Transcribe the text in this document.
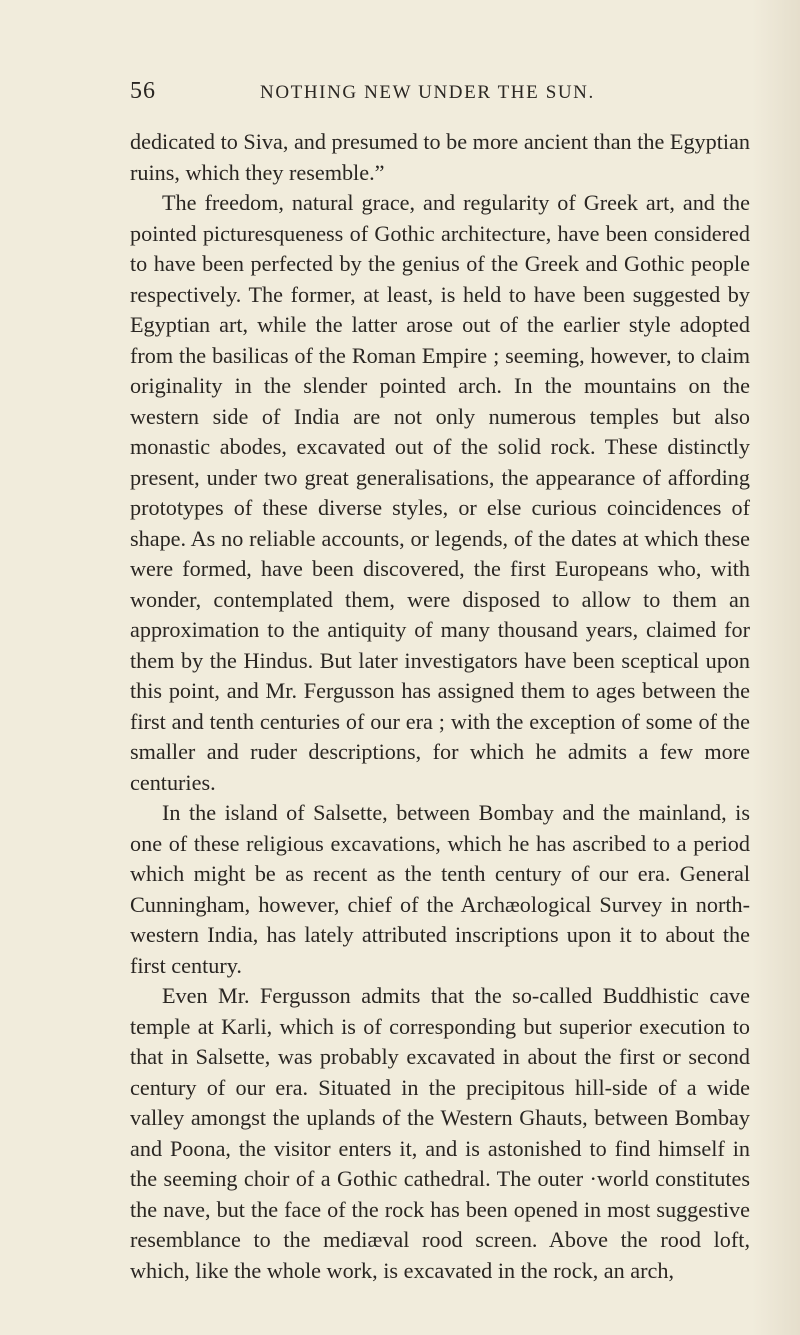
56	NOTHING NEW UNDER THE SUN.

dedicated to Siva, and presumed to be more ancient than the Egyptian ruins, which they resemble.”

The freedom, natural grace, and regularity of Greek art, and the pointed picturesqueness of Gothic architecture, have been considered to have been perfected by the genius of the Greek and Gothic people respectively. The former, at least, is held to have been suggested by Egyptian art, while the latter arose out of the earlier style adopted from the basilicas of the Roman Empire ; seeming, however, to claim originality in the slender pointed arch. In the mountains on the western side of India are not only numerous temples but also monastic abodes, excavated out of the solid rock. These distinctly present, under two great generalisations, the appearance of affording prototypes of these diverse styles, or else curious coincidences of shape. As no reliable accounts, or legends, of the dates at which these were formed, have been discovered, the first Europeans who, with wonder, contemplated them, were disposed to allow to them an approximation to the antiquity of many thousand years, claimed for them by the Hindus. But later investigators have been sceptical upon this point, and Mr. Fergusson has assigned them to ages between the first and tenth centuries of our era ; with the exception of some of the smaller and ruder descriptions, for which he admits a few more centuries.

In the island of Salsette, between Bombay and the mainland, is one of these religious excavations, which he has ascribed to a period which might be as recent as the tenth century of our era. General Cunningham, however, chief of the Archæological Survey in north-western India, has lately attributed inscriptions upon it to about the first century.

Even Mr. Fergusson admits that the so-called Buddhistic cave temple at Karli, which is of corresponding but superior execution to that in Salsette, was probably excavated in about the first or second century of our era. Situated in the precipitous hill-side of a wide valley amongst the uplands of the Western Ghauts, between Bombay and Poona, the visitor enters it, and is astonished to find himself in the seeming choir of a Gothic cathedral. The outer ·world constitutes the nave, but the face of the rock has been opened in most suggestive resemblance to the mediæval rood screen. Above the rood loft, which, like the whole work, is excavated in the rock, an arch,
